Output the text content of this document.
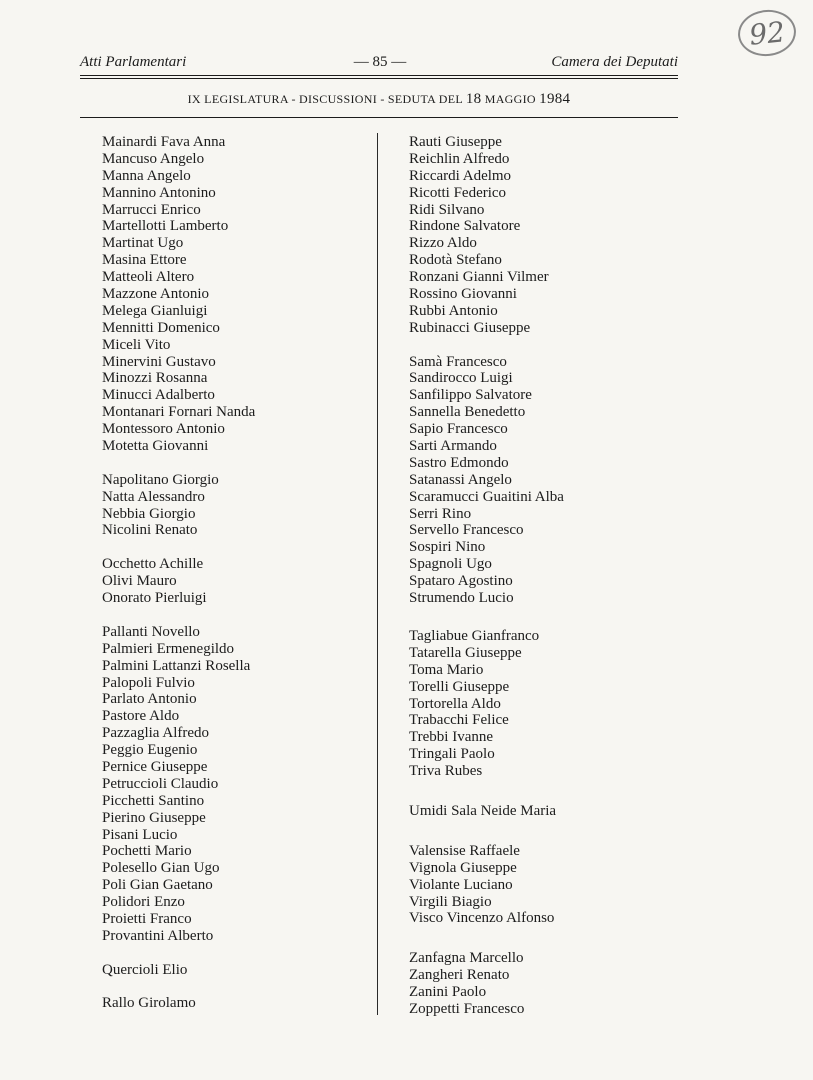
92
Atti Parlamentari	— 85 —	Camera dei Deputati
IX LEGISLATURA - DISCUSSIONI - SEDUTA DEL 18 MAGGIO 1984
Mainardi Fava Anna
Mancuso Angelo
Manna Angelo
Mannino Antonino
Marrucci Enrico
Martellotti Lamberto
Martinat Ugo
Masina Ettore
Matteoli Altero
Mazzone Antonio
Melega Gianluigi
Mennitti Domenico
Miceli Vito
Minervini Gustavo
Minozzi Rosanna
Minucci Adalberto
Montanari Fornari Nanda
Montessoro Antonio
Motetta Giovanni
Napolitano Giorgio
Natta Alessandro
Nebbia Giorgio
Nicolini Renato
Occhetto Achille
Olivi Mauro
Onorato Pierluigi
Pallanti Novello
Palmieri Ermenegildo
Palmini Lattanzi Rosella
Palopoli Fulvio
Parlato Antonio
Pastore Aldo
Pazzaglia Alfredo
Peggio Eugenio
Pernice Giuseppe
Petruccioli Claudio
Picchetti Santino
Pierino Giuseppe
Pisani Lucio
Pochetti Mario
Polesello Gian Ugo
Poli Gian Gaetano
Polidori Enzo
Proietti Franco
Provantini Alberto
Quercioli Elio
Rallo Girolamo
Rauti Giuseppe
Reichlin Alfredo
Riccardi Adelmo
Ricotti Federico
Ridi Silvano
Rindone Salvatore
Rizzo Aldo
Rodotà Stefano
Ronzani Gianni Vilmer
Rossino Giovanni
Rubbi Antonio
Rubinacci Giuseppe
Samà Francesco
Sandirocco Luigi
Sanfilippo Salvatore
Sannella Benedetto
Sapio Francesco
Sarti Armando
Sastro Edmondo
Satanassi Angelo
Scaramucci Guaitini Alba
Serri Rino
Servello Francesco
Sospiri Nino
Spagnoli Ugo
Spataro Agostino
Strumendo Lucio
Tagliabue Gianfranco
Tatarella Giuseppe
Toma Mario
Torelli Giuseppe
Tortorella Aldo
Trabacchi Felice
Trebbi Ivanne
Tringali Paolo
Triva Rubes
Umidi Sala Neide Maria
Valensise Raffaele
Vignola Giuseppe
Violante Luciano
Virgili Biagio
Visco Vincenzo Alfonso
Zanfagna Marcello
Zangheri Renato
Zanini Paolo
Zoppetti Francesco
